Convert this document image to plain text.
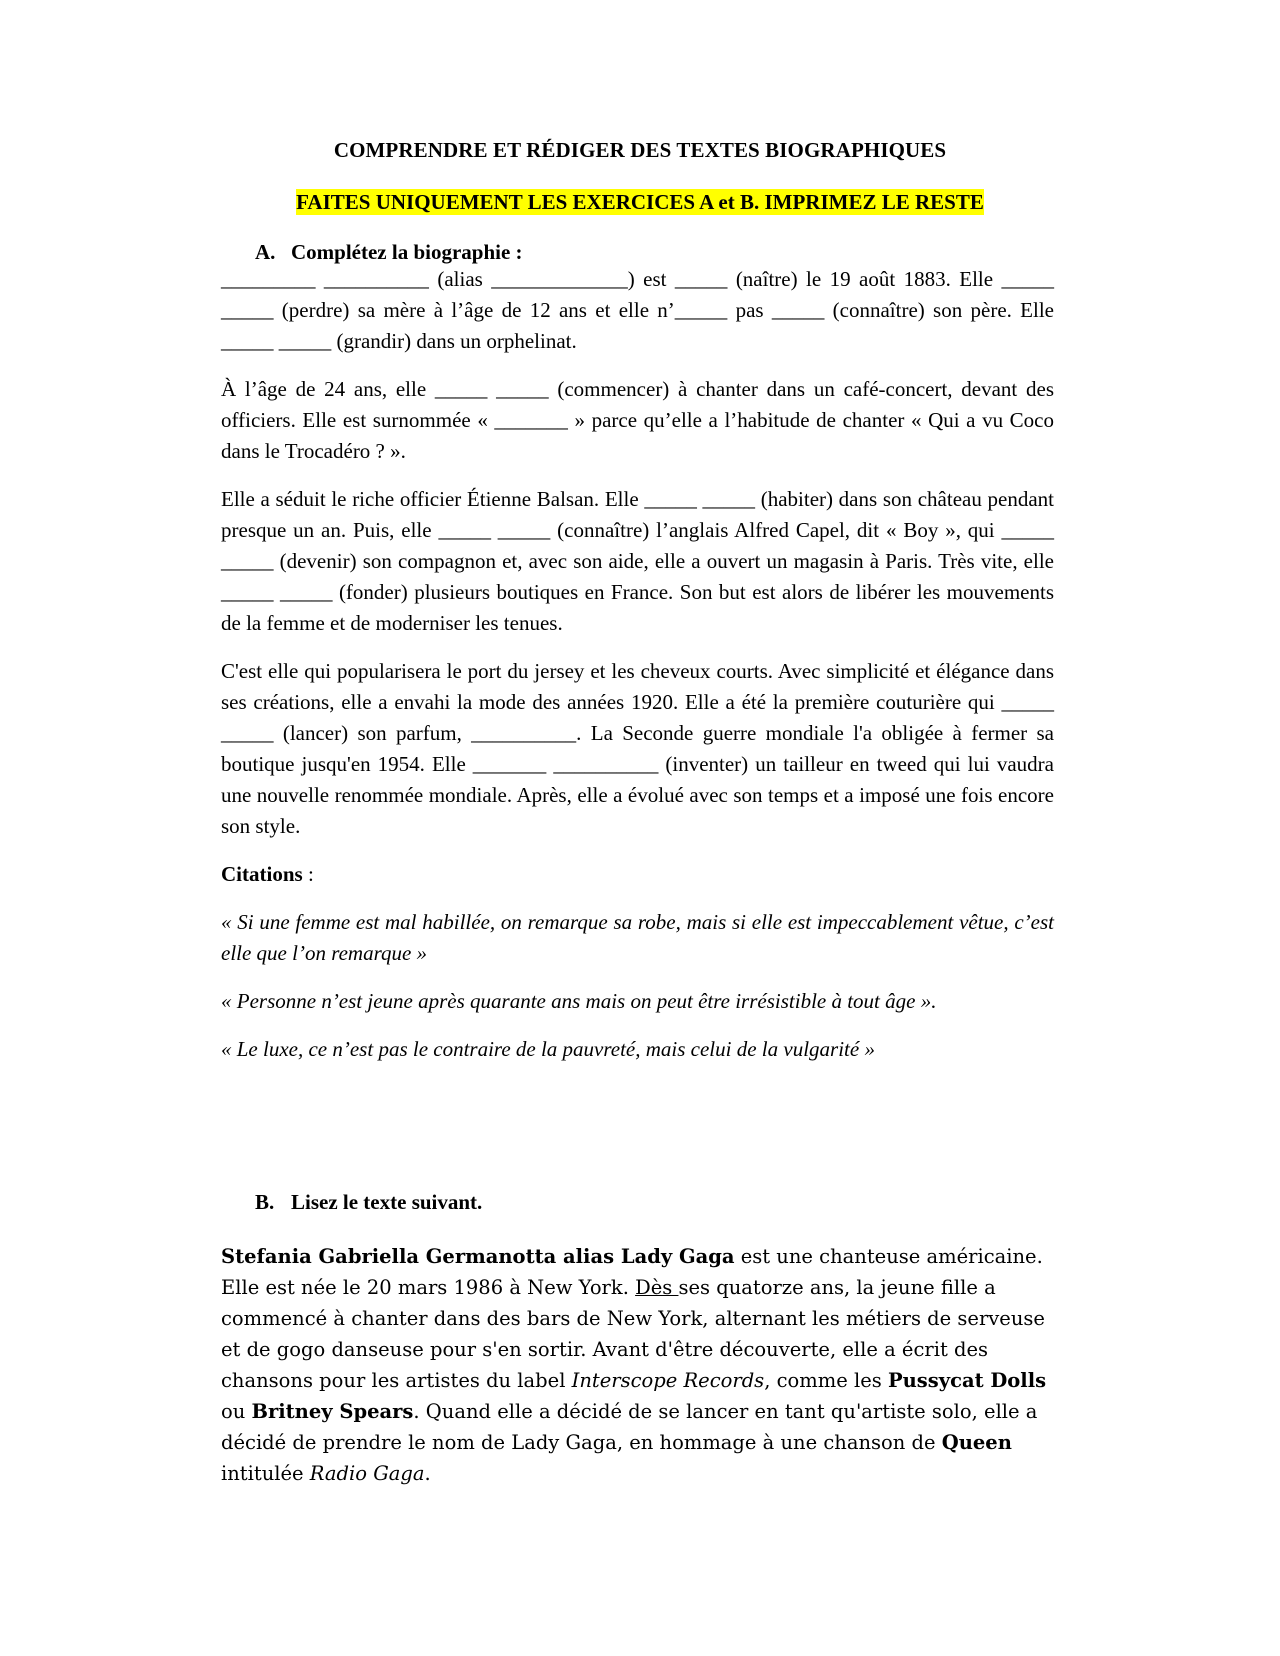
COMPRENDRE ET RÉDIGER DES TEXTES BIOGRAPHIQUES
FAITES UNIQUEMENT LES EXERCICES A et B. IMPRIMEZ LE RESTE
A. Complétez la biographie :

_________ __________ (alias _____________) est _____ (naître) le 19 août 1883. Elle _____ _____ (perdre) sa mère à l’âge de 12 ans et elle n’_____ pas _____ (connaître) son père. Elle _____ _____ (grandir) dans un orphelinat.

À l’âge de 24 ans, elle _____ _____ (commencer) à chanter dans un café-concert, devant des officiers. Elle est surnommée « _______ » parce qu’elle a l’habitude de chanter « Qui a vu Coco dans le Trocadéro ? ».

Elle a séduit le riche officier Étienne Balsan. Elle _____ _____ (habiter) dans son château pendant presque un an. Puis, elle _____ _____ (connaître) l’anglais Alfred Capel, dit « Boy », qui _____ _____ (devenir) son compagnon et, avec son aide, elle a ouvert un magasin à Paris. Très vite, elle _____ _____ (fonder) plusieurs boutiques en France. Son but est alors de libérer les mouvements de la femme et de moderniser les tenues.

C'est elle qui popularisera le port du jersey et les cheveux courts. Avec simplicité et élégance dans ses créations, elle a envahi la mode des années 1920. Elle a été la première couturière qui _____ _____ (lancer) son parfum, __________. La Seconde guerre mondiale l'a obligée à fermer sa boutique jusqu'en 1954. Elle _______ __________ (inventer) un tailleur en tweed qui lui vaudra une nouvelle renommée mondiale. Après, elle a évolué avec son temps et a imposé une fois encore son style.

Citations :

« Si une femme est mal habillée, on remarque sa robe, mais si elle est impeccablement vêtue, c’est elle que l’on remarque »

« Personne n’est jeune après quarante ans mais on peut être irrésistible à tout âge ».

« Le luxe, ce n’est pas le contraire de la pauvreté, mais celui de la vulgarité »

B. Lisez le texte suivant.

Stefania Gabriella Germanotta alias Lady Gaga est une chanteuse américaine. Elle est née le 20 mars 1986 à New York. Dès ses quatorze ans, la jeune fille a commencé à chanter dans des bars de New York, alternant les métiers de serveuse et de gogo danseuse pour s'en sortir. Avant d'être découverte, elle a écrit des chansons pour les artistes du label Interscope Records, comme les Pussycat Dolls ou Britney Spears. Quand elle a décidé de se lancer en tant qu'artiste solo, elle a décidé de prendre le nom de Lady Gaga, en hommage à une chanson de Queen intitulée Radio Gaga.
